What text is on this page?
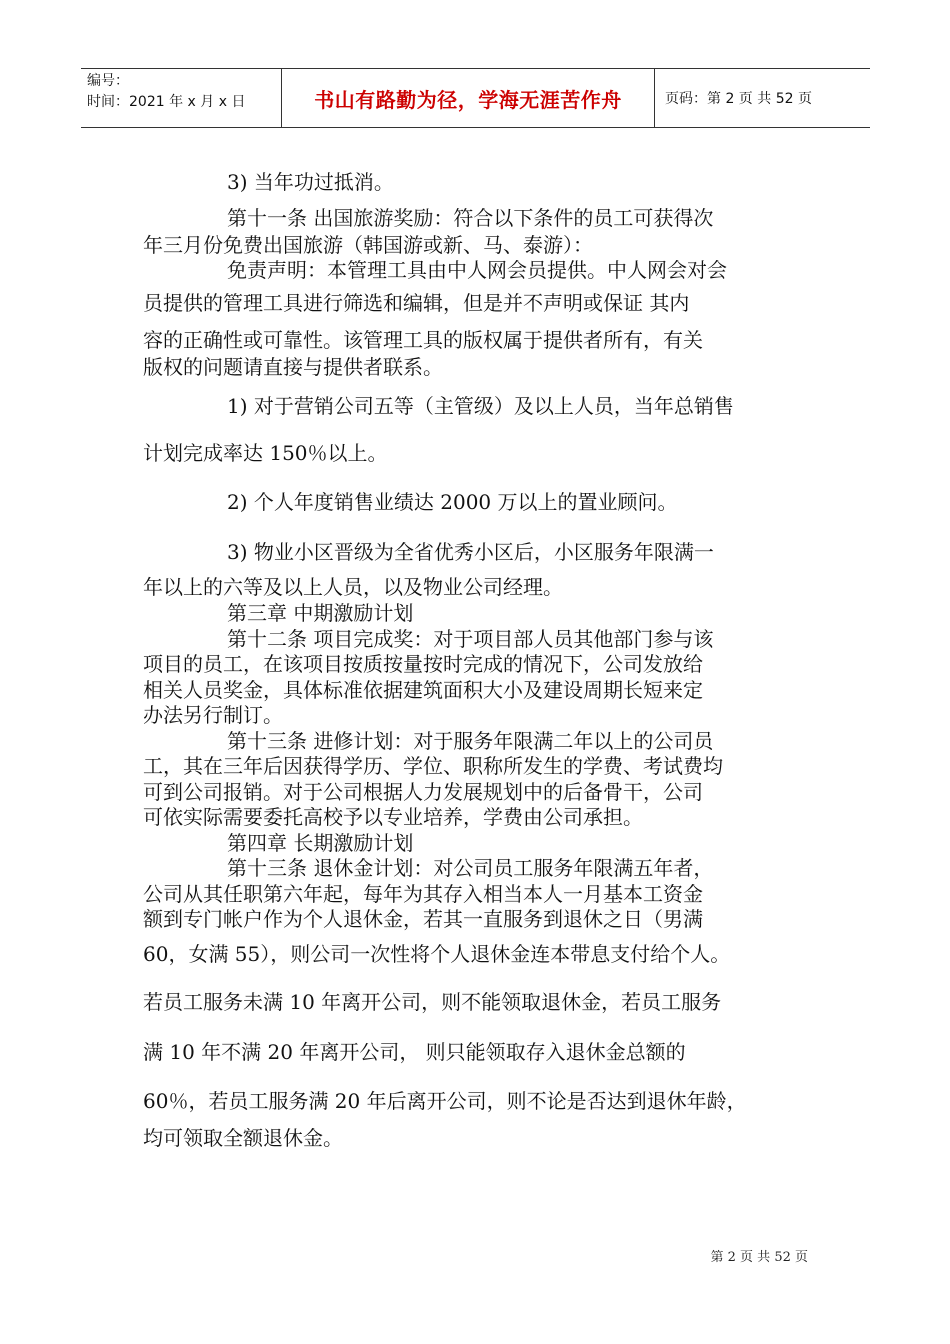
编号：
时间：2021 年 x 月 x 日	书山有路勤为径，学海无涯苦作舟	页码：第 2 页 共 52 页
3) 当年功过抵消。
第十一条 出国旅游奖励：符合以下条件的员工可获得次
年三月份免费出国旅游（韩国游或新、马、泰游）：
免责声明：本管理工具由中人网会员提供。中人网会对会
员提供的管理工具进行筛选和编辑，但是并不声明或保证 其内
容的正确性或可靠性。该管理工具的版权属于提供者所有，有关
版权的问题请直接与提供者联系。
1) 对于营销公司五等（主管级）及以上人员，当年总销售
计划完成率达 150％以上。
2) 个人年度销售业绩达 2000 万以上的置业顾问。
3) 物业小区晋级为全省优秀小区后，小区服务年限满一
年以上的六等及以上人员，以及物业公司经理。
第三章 中期激励计划
第十二条 项目完成奖：对于项目部人员其他部门参与该
项目的员工，在该项目按质按量按时完成的情况下，公司发放给
相关人员奖金，具体标准依据建筑面积大小及建设周期长短来定
办法另行制订。
第十三条 进修计划：对于服务年限满二年以上的公司员
工，其在三年后因获得学历、学位、职称所发生的学费、考试费均
可到公司报销。对于公司根据人力发展规划中的后备骨干，公司
可依实际需要委托高校予以专业培养，学费由公司承担。
第四章 长期激励计划
第十三条 退休金计划：对公司员工服务年限满五年者，
公司从其任职第六年起，每年为其存入相当本人一月基本工资金
额到专门帐户作为个人退休金，若其一直服务到退休之日（男满
60，女满 55），则公司一次性将个人退休金连本带息支付给个人。
若员工服务未满 10 年离开公司，则不能领取退休金，若员工服务
满 10 年不满 20 年离开公司， 则只能领取存入退休金总额的
60％，若员工服务满 20 年后离开公司，则不论是否达到退休年龄，
均可领取全额退休金。
第 2 页 共 52 页
